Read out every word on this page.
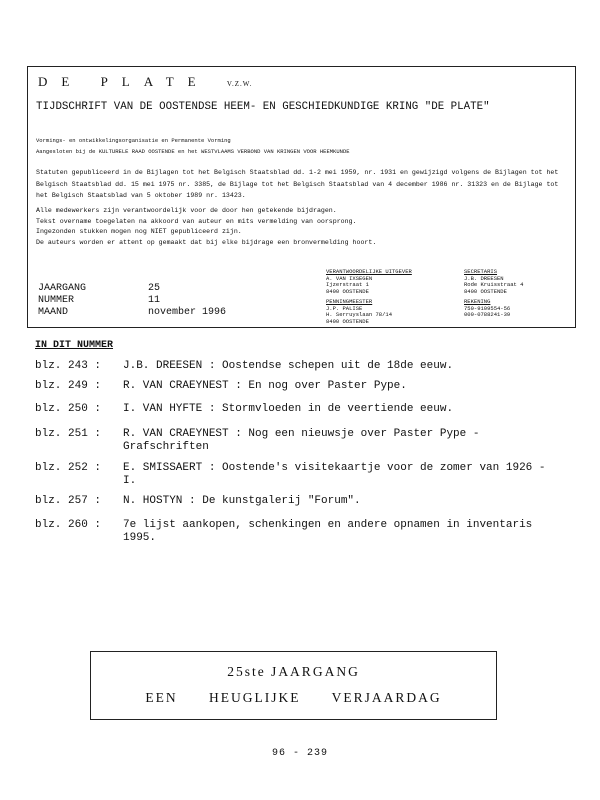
DE PLATE V.Z.W.
TIJDSCHRIFT VAN DE OOSTENDSE HEEM- EN GESCHIEDKUNDIGE KRING "DE PLATE"
Vormings- en ontwikkelingsorganisatie en Permanente Vorming
Aangesloten bij de KULTURELE RAAD OOSTENDE en het WESTVLAAMS VERBOND VAN KRINGEN VOOR HEEMKUNDE
Statuten gepubliceerd in de Bijlagen tot het Belgisch Staatsblad dd. 1-2 mei 1959, nr. 1931 en gewijzigd volgens de Bijlagen tot het Belgisch Staatsblad dd. 15 mei 1975 nr. 3385, de Bijlage tot het Belgisch Staatsblad van 4 december 1986 nr. 31323 en de Bijlage tot het Belgisch Staatsblad van 5 oktober 1989 nr. 13423.
Alle medewerkers zijn verantwoordelijk voor de door hen getekende bijdragen.
Tekst overname toegelaten na akkoord van auteur en mits vermelding van oorsprong.
Ingezonden stukken mogen nog NIET gepubliceerd zijn.
De auteurs worden er attent op gemaakt dat bij elke bijdrage een bronvermelding hoort.
JAARGANG	25
NUMMER	11
MAAND	november 1996
VERANTWOORDELIJKE UITGEVER
A. VAN IXSEGEN
Ijzerstraat 1
8400 OOSTENDE
SECRETARIS
J.B. DREESEN
Rode Kruisstraat 4
8400 OOSTENDE
PENNINGMEESTER
J.P. PALISE
H. Serruyslaan 78/14
8400 OOSTENDE
REKENING
750-9109554-56
000-0788241-39
IN DIT NUMMER
blz. 243 :	J.B. DREESEN : Oostendse schepen uit de 18de eeuw.
blz. 249 :	R. VAN CRAEYNEST : En nog over Paster Pype.
blz. 250 :	I. VAN HYFTE : Stormvloeden in de veertiende eeuw.
blz. 251 :	R. VAN CRAEYNEST : Nog een nieuwsje over Paster Pype - Grafschriften
blz. 252 :	E. SMISSAERT : Oostende's visitekaartje voor de zomer van 1926 - I.
blz. 257 :	N. HOSTYN : De kunstgalerij "Forum".
blz. 260 :	7e lijst aankopen, schenkingen en andere opnamen in inventaris 1995.
25ste JAARGANG
EEN HEUGLIJKE VERJAARDAG
96 - 239
